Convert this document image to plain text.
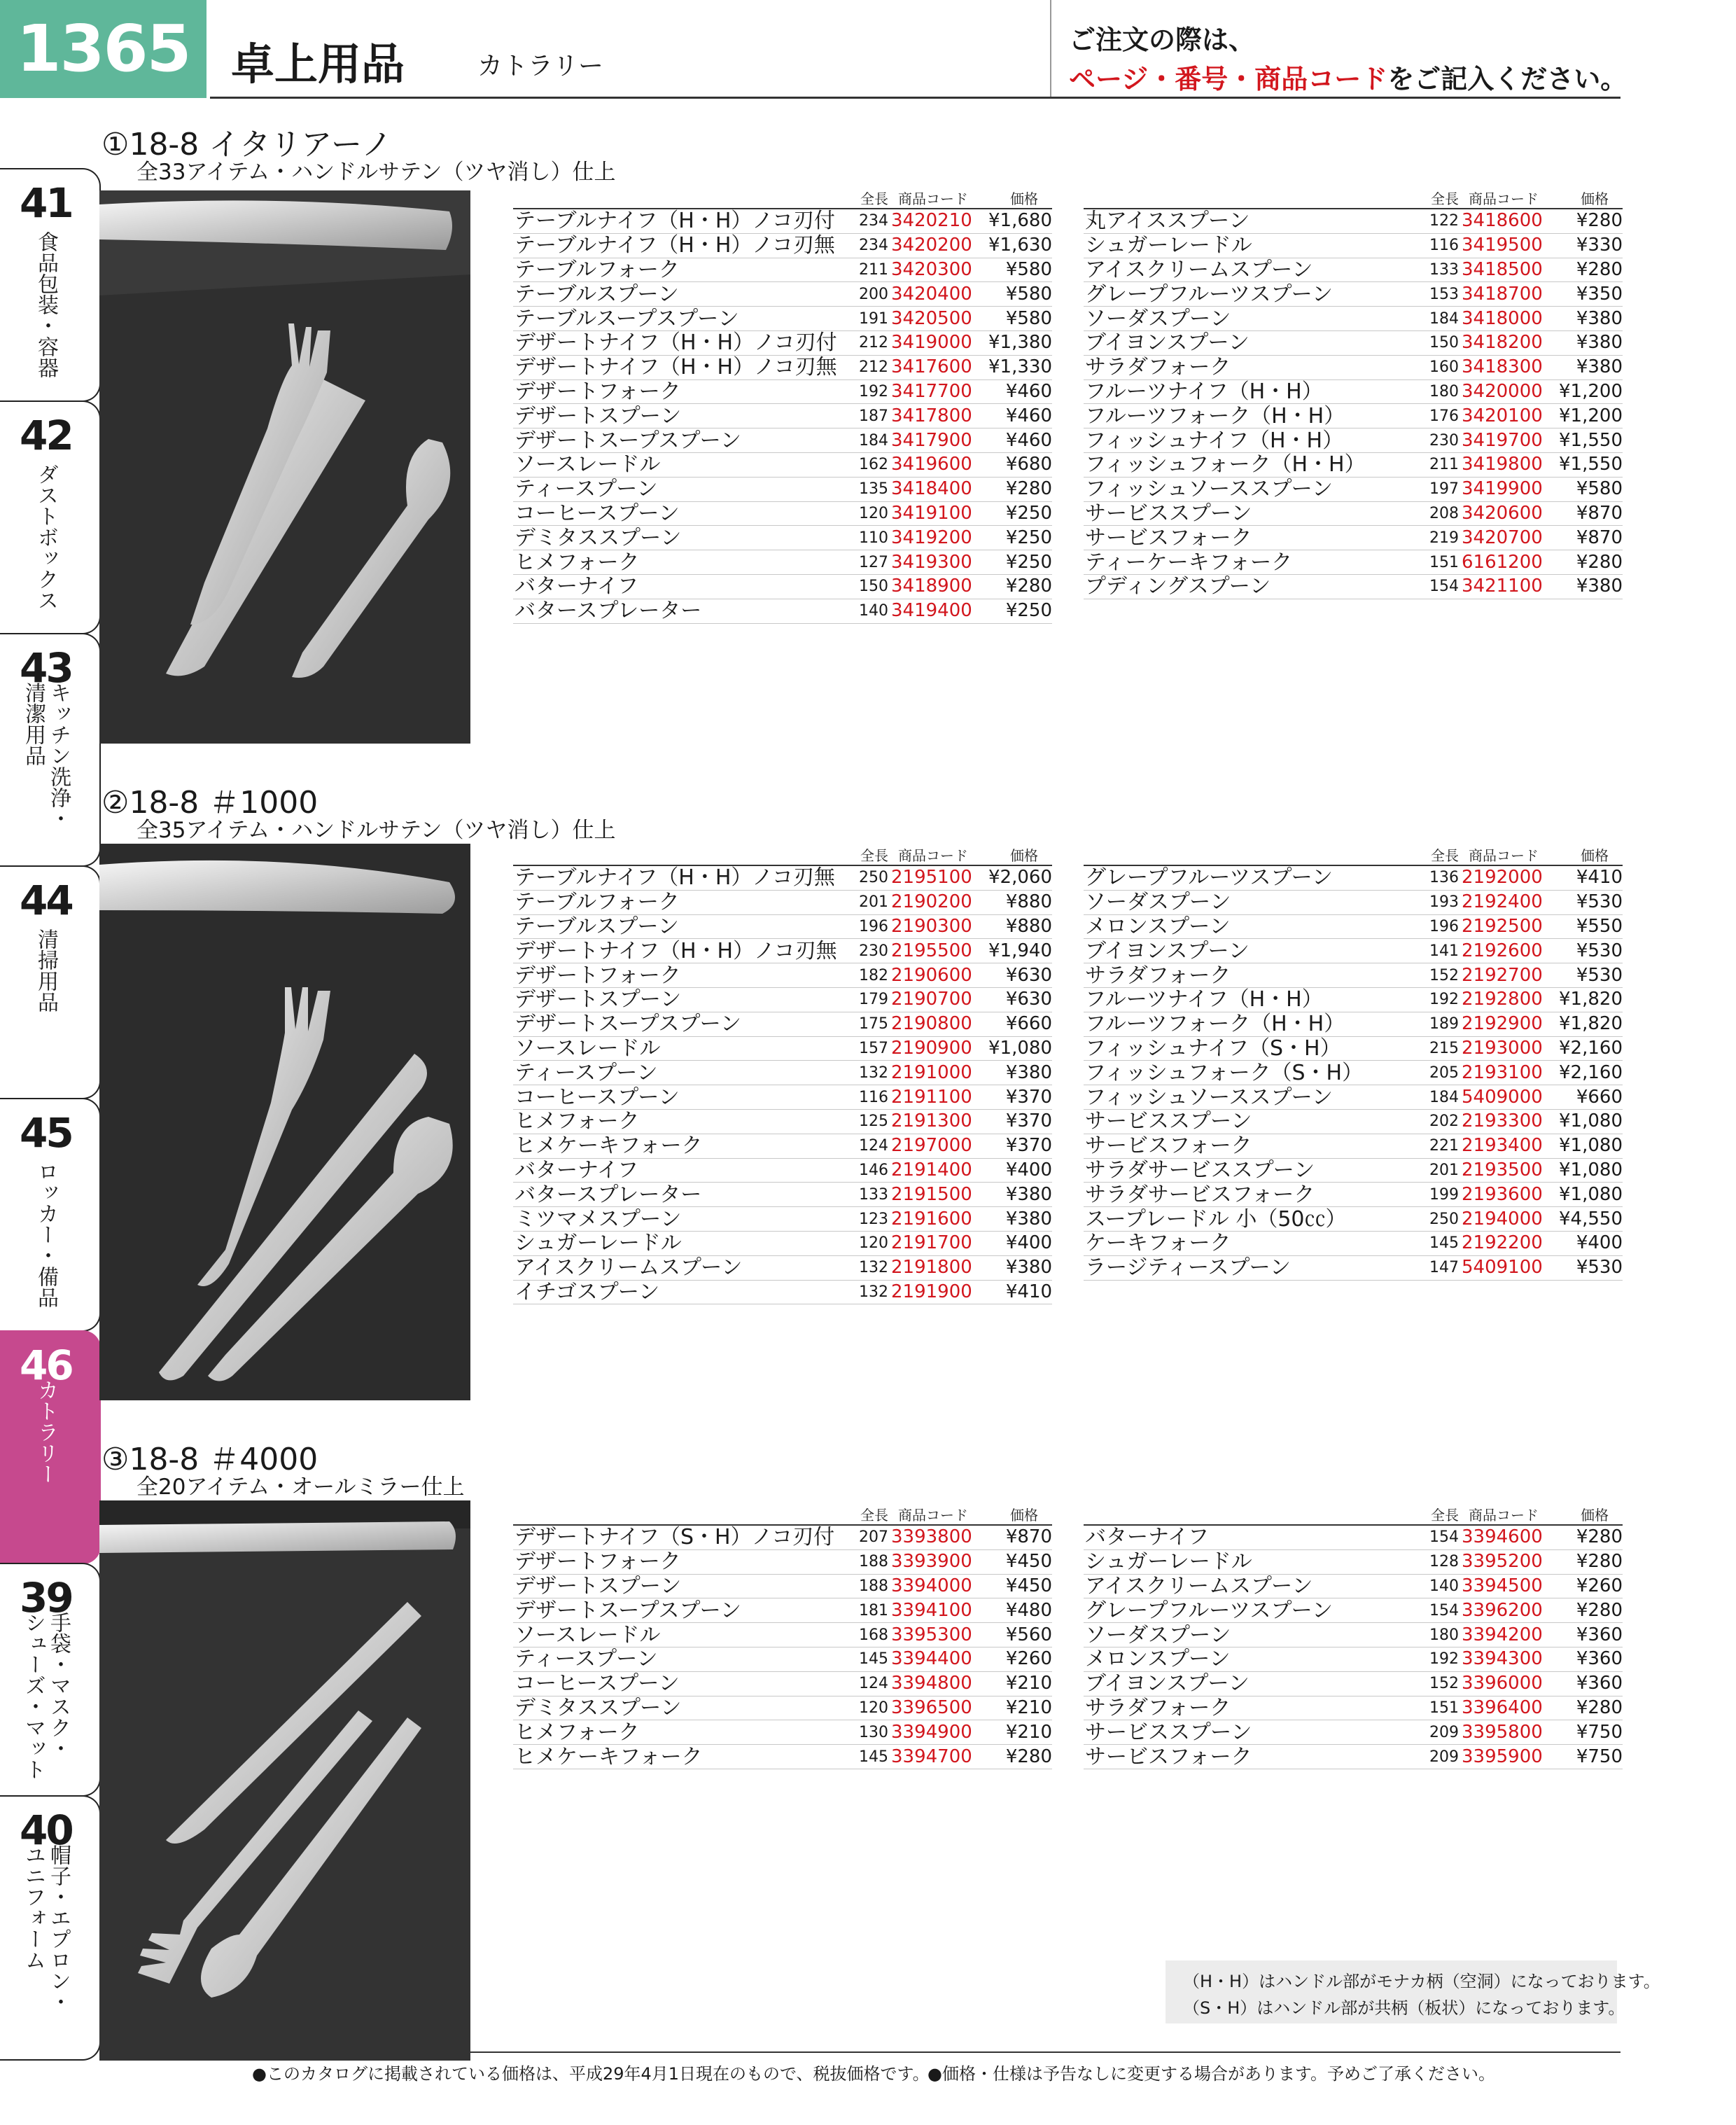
1365 卓上用品	カトラリー
ご注文の際は、
ページ・番号・商品コードをご記入ください。
41
食品包装・容器
42
ダストボックス
43
キッチン洗浄・
清潔用品
44
清掃用品
45
ロッカー・備品
46
カトラリー
39
手袋・マスク・
シューズ・マット
40
帽子・エプロン・
ユニフォーム
①18-8 イタリアーノ
全33アイテム・ハンドルサテン（ツヤ消し）仕上
	全長	商品コード	価格
テーブルナイフ（H・H）ノコ刃付	234	3420210	¥1,680
テーブルナイフ（H・H）ノコ刃無	234	3420200	¥1,630
テーブルフォーク	211	3420300	¥580
テーブルスプーン	200	3420400	¥580
テーブルスープスプーン	191	3420500	¥580
デザートナイフ（H・H）ノコ刃付	212	3419000	¥1,380
デザートナイフ（H・H）ノコ刃無	212	3417600	¥1,330
デザートフォーク	192	3417700	¥460
デザートスプーン	187	3417800	¥460
デザートスープスプーン	184	3417900	¥460
ソースレードル	162	3419600	¥680
ティースプーン	135	3418400	¥280
コーヒースプーン	120	3419100	¥250
デミタススプーン	110	3419200	¥250
ヒメフォーク	127	3419300	¥250
バターナイフ	150	3418900	¥280
バタースプレーター	140	3419400	¥250
	全長	商品コード	価格
丸アイススプーン	122	3418600	¥280
シュガーレードル	116	3419500	¥330
アイスクリームスプーン	133	3418500	¥280
グレープフルーツスプーン	153	3418700	¥350
ソーダスプーン	184	3418000	¥380
ブイヨンスプーン	150	3418200	¥380
サラダフォーク	160	3418300	¥380
フルーツナイフ（H・H）	180	3420000	¥1,200
フルーツフォーク（H・H）	176	3420100	¥1,200
フィッシュナイフ（H・H）	230	3419700	¥1,550
フィッシュフォーク（H・H）	211	3419800	¥1,550
フィッシュソーススプーン	197	3419900	¥580
サービススプーン	208	3420600	¥870
サービスフォーク	219	3420700	¥870
ティーケーキフォーク	151	6161200	¥280
プディングスプーン	154	3421100	¥380
②18-8 ＃1000
全35アイテム・ハンドルサテン（ツヤ消し）仕上
	全長	商品コード	価格
テーブルナイフ（H・H）ノコ刃無	250	2195100	¥2,060
テーブルフォーク	201	2190200	¥880
テーブルスプーン	196	2190300	¥880
デザートナイフ（H・H）ノコ刃無	230	2195500	¥1,940
デザートフォーク	182	2190600	¥630
デザートスプーン	179	2190700	¥630
デザートスープスプーン	175	2190800	¥660
ソースレードル	157	2190900	¥1,080
ティースプーン	132	2191000	¥380
コーヒースプーン	116	2191100	¥370
ヒメフォーク	125	2191300	¥370
ヒメケーキフォーク	124	2197000	¥370
バターナイフ	146	2191400	¥400
バタースプレーター	133	2191500	¥380
ミツマメスプーン	123	2191600	¥380
シュガーレードル	120	2191700	¥400
アイスクリームスプーン	132	2191800	¥380
イチゴスプーン	132	2191900	¥410
	全長	商品コード	価格
グレープフルーツスプーン	136	2192000	¥410
ソーダスプーン	193	2192400	¥530
メロンスプーン	196	2192500	¥550
ブイヨンスプーン	141	2192600	¥530
サラダフォーク	152	2192700	¥530
フルーツナイフ（H・H）	192	2192800	¥1,820
フルーツフォーク（H・H）	189	2192900	¥1,820
フィッシュナイフ（S・H）	215	2193000	¥2,160
フィッシュフォーク（S・H）	205	2193100	¥2,160
フィッシュソーススプーン	184	5409000	¥660
サービススプーン	202	2193300	¥1,080
サービスフォーク	221	2193400	¥1,080
サラダサービススプーン	201	2193500	¥1,080
サラダサービスフォーク	199	2193600	¥1,080
スープレードル 小（50㏄）	250	2194000	¥4,550
ケーキフォーク	145	2192200	¥400
ラージティースプーン	147	5409100	¥530
③18-8 ＃4000
全20アイテム・オールミラー仕上
	全長	商品コード	価格
デザートナイフ（S・H）ノコ刃付	207	3393800	¥870
デザートフォーク	188	3393900	¥450
デザートスプーン	188	3394000	¥450
デザートスープスプーン	181	3394100	¥480
ソースレードル	168	3395300	¥560
ティースプーン	145	3394400	¥260
コーヒースプーン	124	3394800	¥210
デミタススプーン	120	3396500	¥210
ヒメフォーク	130	3394900	¥210
ヒメケーキフォーク	145	3394700	¥280
	全長	商品コード	価格
バターナイフ	154	3394600	¥280
シュガーレードル	128	3395200	¥280
アイスクリームスプーン	140	3394500	¥260
グレープフルーツスプーン	154	3396200	¥280
ソーダスプーン	180	3394200	¥360
メロンスプーン	192	3394300	¥360
ブイヨンスプーン	152	3396000	¥360
サラダフォーク	151	3396400	¥280
サービススプーン	209	3395800	¥750
サービスフォーク	209	3395900	¥750
（H・H）はハンドル部がモナカ柄（空洞）になっております。
（S・H）はハンドル部が共柄（板状）になっております。
●このカタログに掲載されている価格は、平成29年4月1日現在のもので、税抜価格です。
●価格・仕様は予告なしに変更する場合があります。予めご了承ください。
